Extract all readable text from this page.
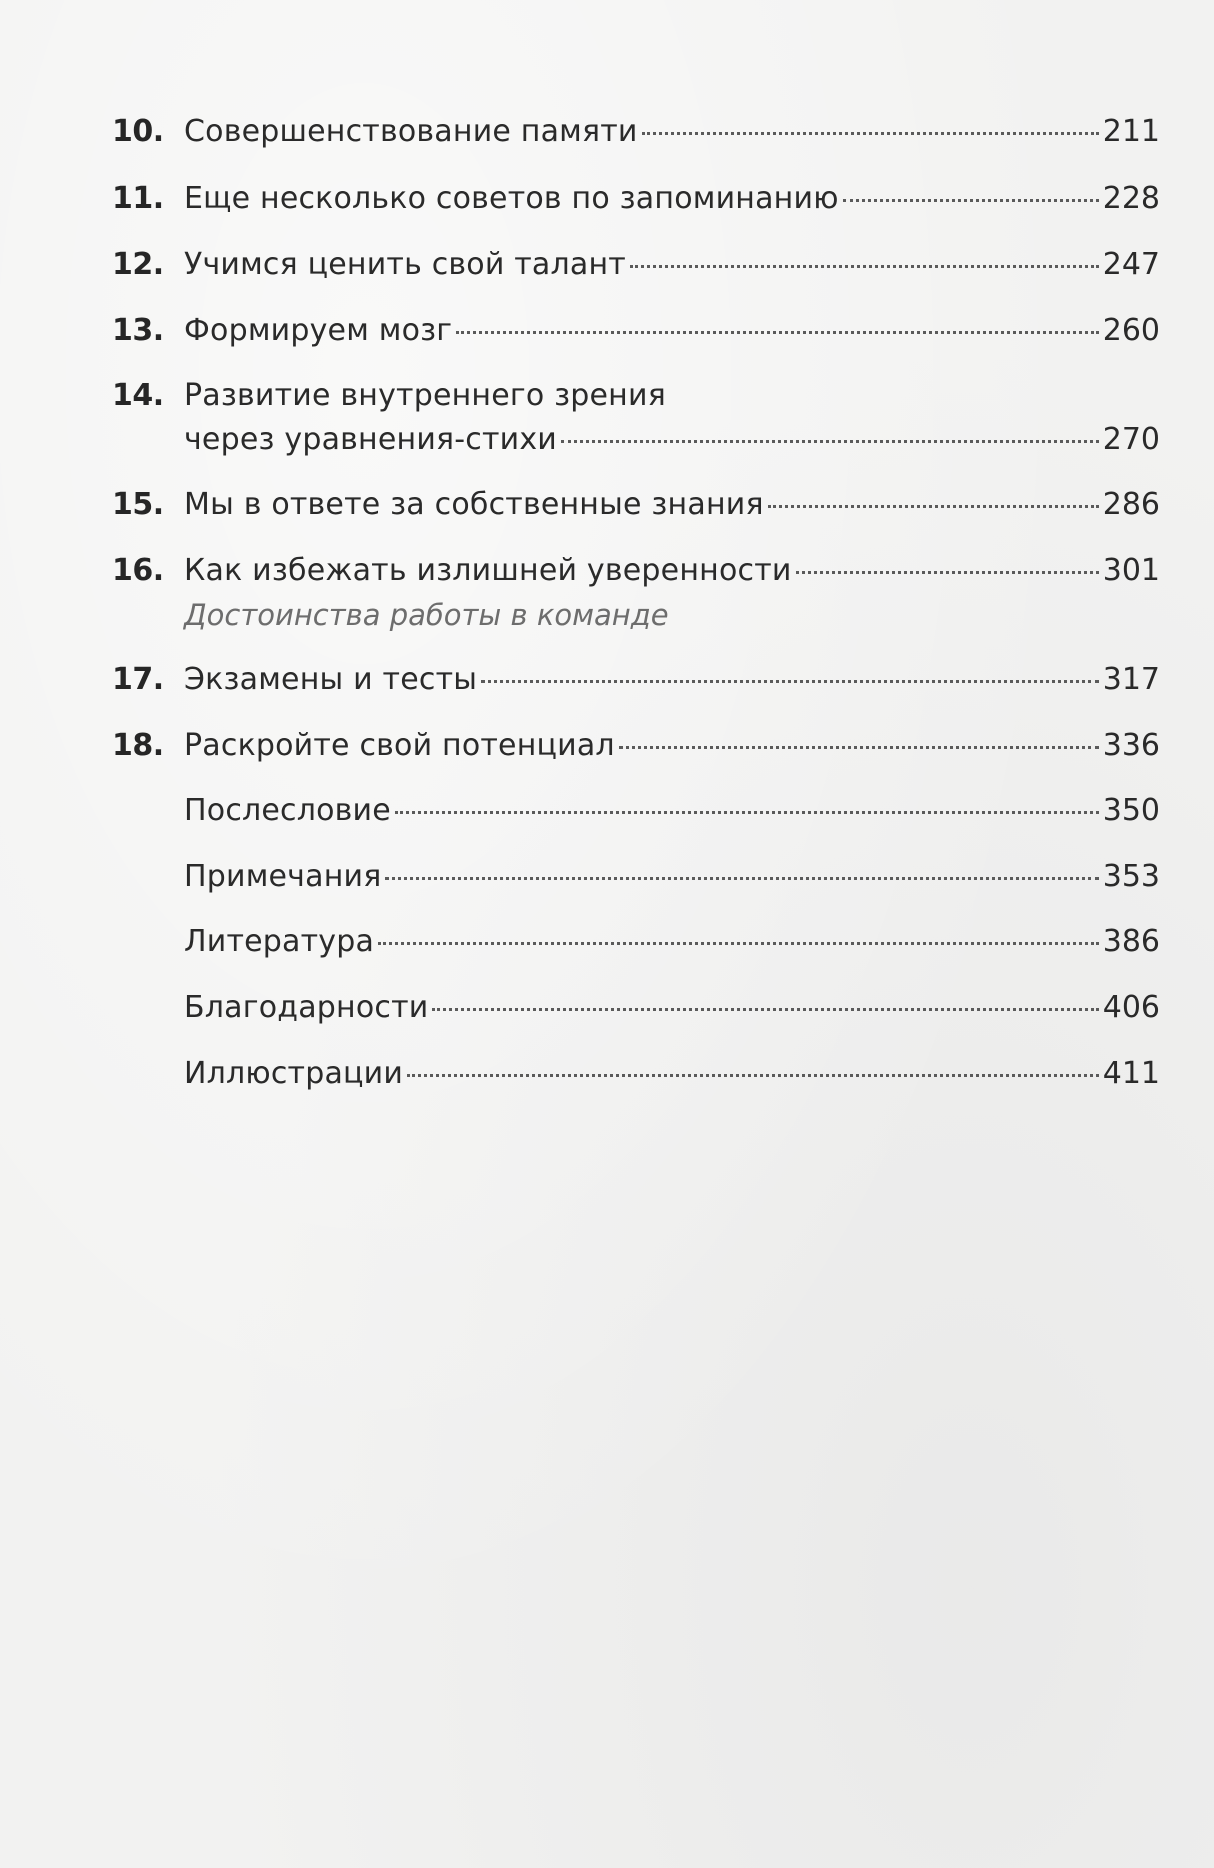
10. Совершенствование памяти	211
11. Еще несколько советов по запоминанию	228
12. Учимся ценить свой талант	247
13. Формируем мозг	260
14. Развитие внутреннего зрения
через уравнения-стихи	270
15. Мы в ответе за собственные знания	286
16. Как избежать излишней уверенности	301
Достоинства работы в команде
17. Экзамены и тесты	317
18. Раскройте свой потенциал	336
Послесловие	350
Примечания	353
Литература	386
Благодарности	406
Иллюстрации	411
